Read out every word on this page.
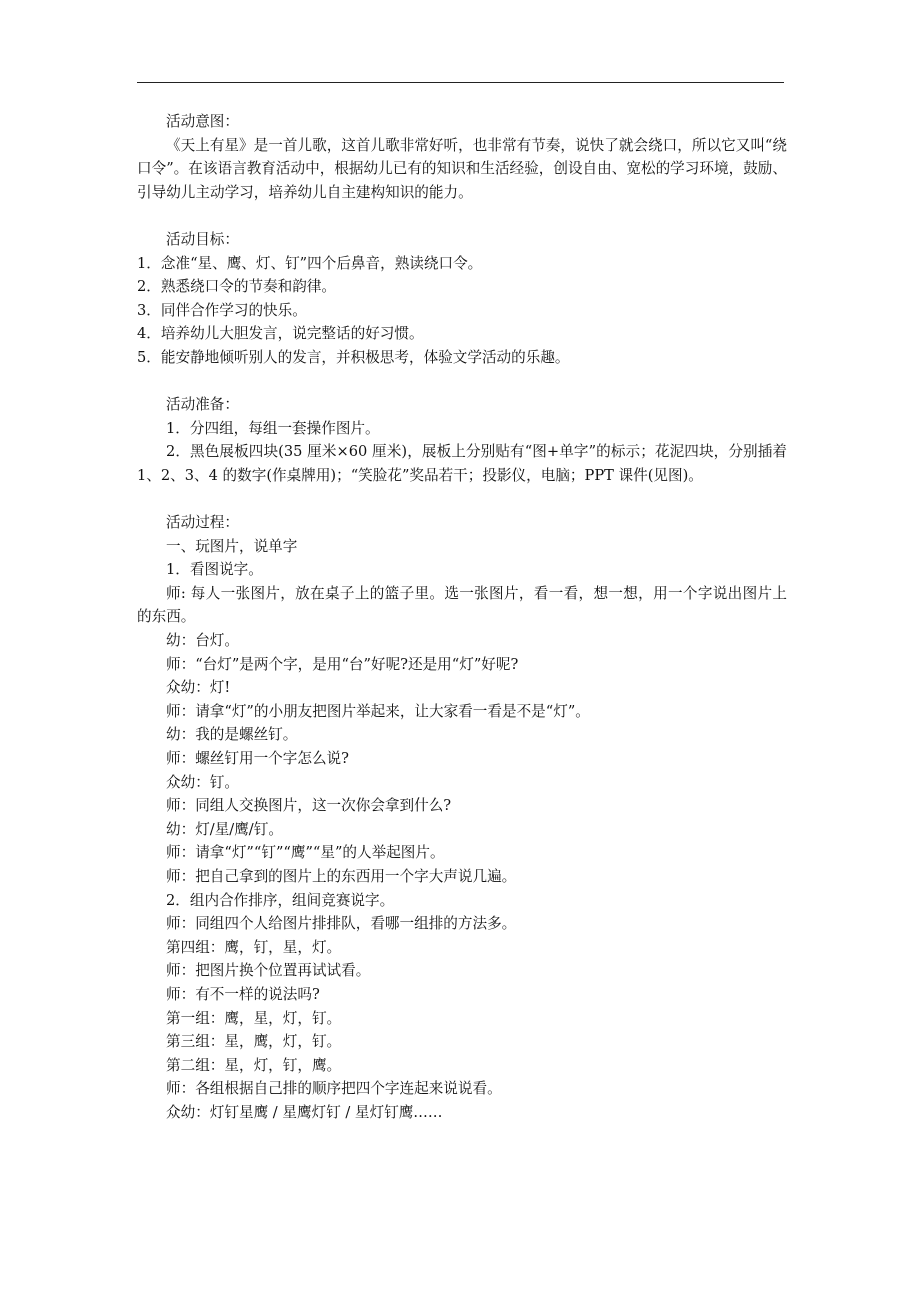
活动意图：
《天上有星》是一首儿歌，这首儿歌非常好听，也非常有节奏，说快了就会绕口，所以它又叫“绕口令”。在该语言教育活动中，根据幼儿已有的知识和生活经验，创设自由、宽松的学习环境，鼓励、引导幼儿主动学习，培养幼儿自主建构知识的能力。
活动目标：
1．念准“星、鹰、灯、钉”四个后鼻音，熟读绕口令。
2．熟悉绕口令的节奏和韵律。
3．同伴合作学习的快乐。
4．培养幼儿大胆发言，说完整话的好习惯。
5．能安静地倾听别人的发言，并积极思考，体验文学活动的乐趣。
活动准备：
1．分四组，每组一套操作图片。
2．黑色展板四块(35 厘米×60 厘米)，展板上分别贴有“图+单字”的标示；花泥四块，分别插着 1、2、3、4 的数字(作桌牌用)；“笑脸花”奖品若干；投影仪，电脑；PPT 课件(见图)。
活动过程：
一、玩图片，说单字
1．看图说字。
师: 每人一张图片，放在桌子上的篮子里。选一张图片，看一看，想一想，用一个字说出图片上的东西。
幼：台灯。
师：“台灯”是两个字，是用“台”好呢?还是用“灯”好呢?
众幼：灯!
师：请拿“灯”的小朋友把图片举起来，让大家看一看是不是“灯”。
幼：我的是螺丝钉。
师：螺丝钉用一个字怎么说?
众幼：钉。
师：同组人交换图片，这一次你会拿到什么?
幼：灯/星/鹰/钉。
师：请拿“灯”“钉”“鹰”“星”的人举起图片。
师：把自己拿到的图片上的东西用一个字大声说几遍。
2．组内合作排序，组间竞赛说字。
师：同组四个人给图片排排队，看哪一组排的方法多。
第四组：鹰，钉，星，灯。
师：把图片换个位置再试试看。
师：有不一样的说法吗?
第一组：鹰，星，灯，钉。
第三组：星，鹰，灯，钉。
第二组：星，灯，钉，鹰。
师：各组根据自己排的顺序把四个字连起来说说看。
众幼：灯钉星鹰 / 星鹰灯钉 / 星灯钉鹰……
